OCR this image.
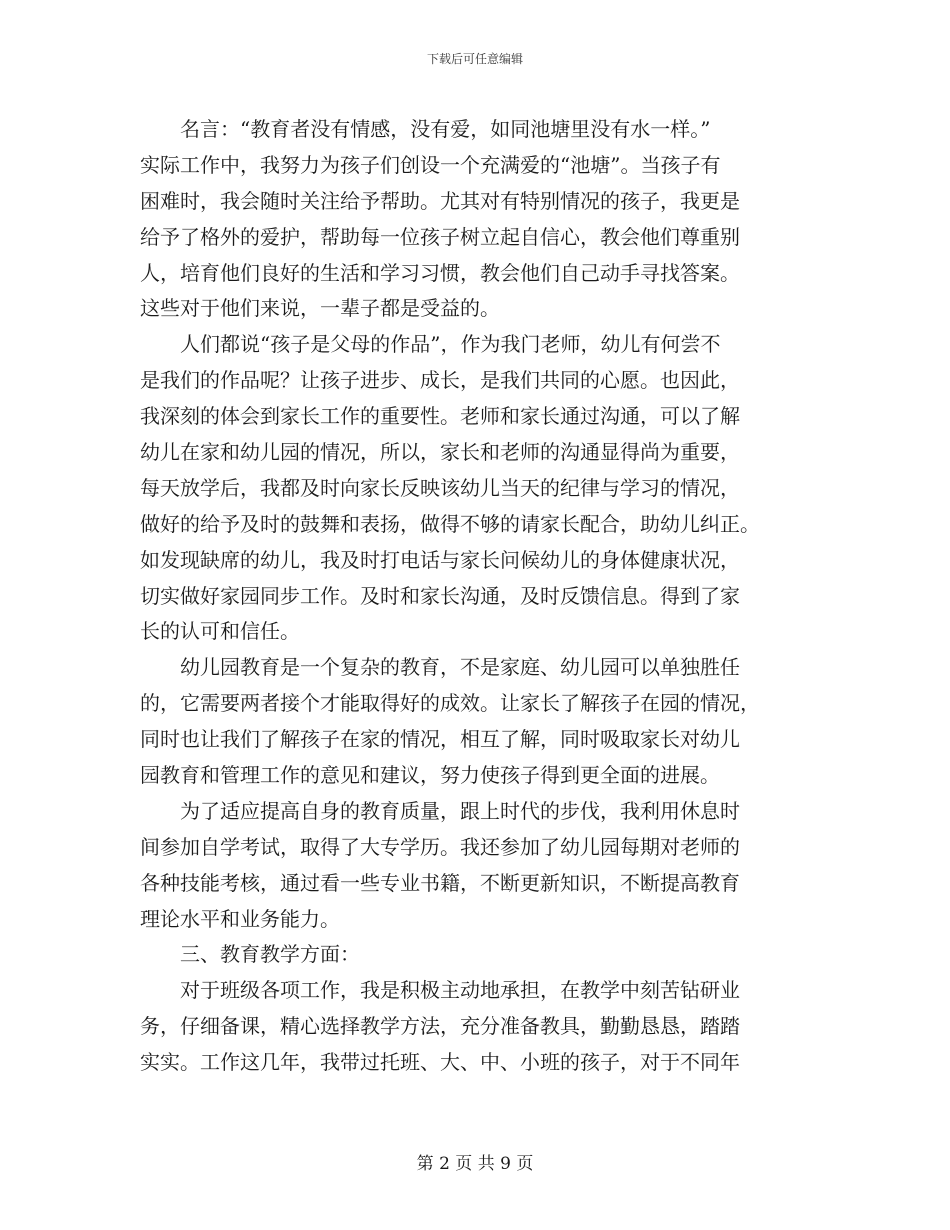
下载后可任意编辑
名言：“教育者没有情感，没有爱，如同池塘里没有水一样。”
实际工作中，我努力为孩子们创设一个充满爱的“池塘”。当孩子有
困难时，我会随时关注给予帮助。尤其对有特别情况的孩子，我更是
给予了格外的爱护，帮助每一位孩子树立起自信心，教会他们尊重别
人，培育他们良好的生活和学习习惯，教会他们自己动手寻找答案。
这些对于他们来说，一辈子都是受益的。
人们都说“孩子是父母的作品”，作为我门老师，幼儿有何尝不
是我们的作品呢？让孩子进步、成长，是我们共同的心愿。也因此，
我深刻的体会到家长工作的重要性。老师和家长通过沟通，可以了解
幼儿在家和幼儿园的情况，所以，家长和老师的沟通显得尚为重要，
每天放学后，我都及时向家长反映该幼儿当天的纪律与学习的情况，
做好的给予及时的鼓舞和表扬，做得不够的请家长配合，助幼儿纠正。
如发现缺席的幼儿，我及时打电话与家长问候幼儿的身体健康状况，
切实做好家园同步工作。及时和家长沟通，及时反馈信息。得到了家
长的认可和信任。
幼儿园教育是一个复杂的教育，不是家庭、幼儿园可以单独胜任
的，它需要两者接个才能取得好的成效。让家长了解孩子在园的情况，
同时也让我们了解孩子在家的情况，相互了解，同时吸取家长对幼儿
园教育和管理工作的意见和建议，努力使孩子得到更全面的进展。
为了适应提高自身的教育质量，跟上时代的步伐，我利用休息时
间参加自学考试，取得了大专学历。我还参加了幼儿园每期对老师的
各种技能考核，通过看一些专业书籍，不断更新知识，不断提高教育
理论水平和业务能力。
三、教育教学方面：
对于班级各项工作，我是积极主动地承担，在教学中刻苦钻研业
务，仔细备课，精心选择教学方法，充分准备教具，勤勤恳恳，踏踏
实实。工作这几年，我带过托班、大、中、小班的孩子，对于不同年
第 2 页 共 9 页
